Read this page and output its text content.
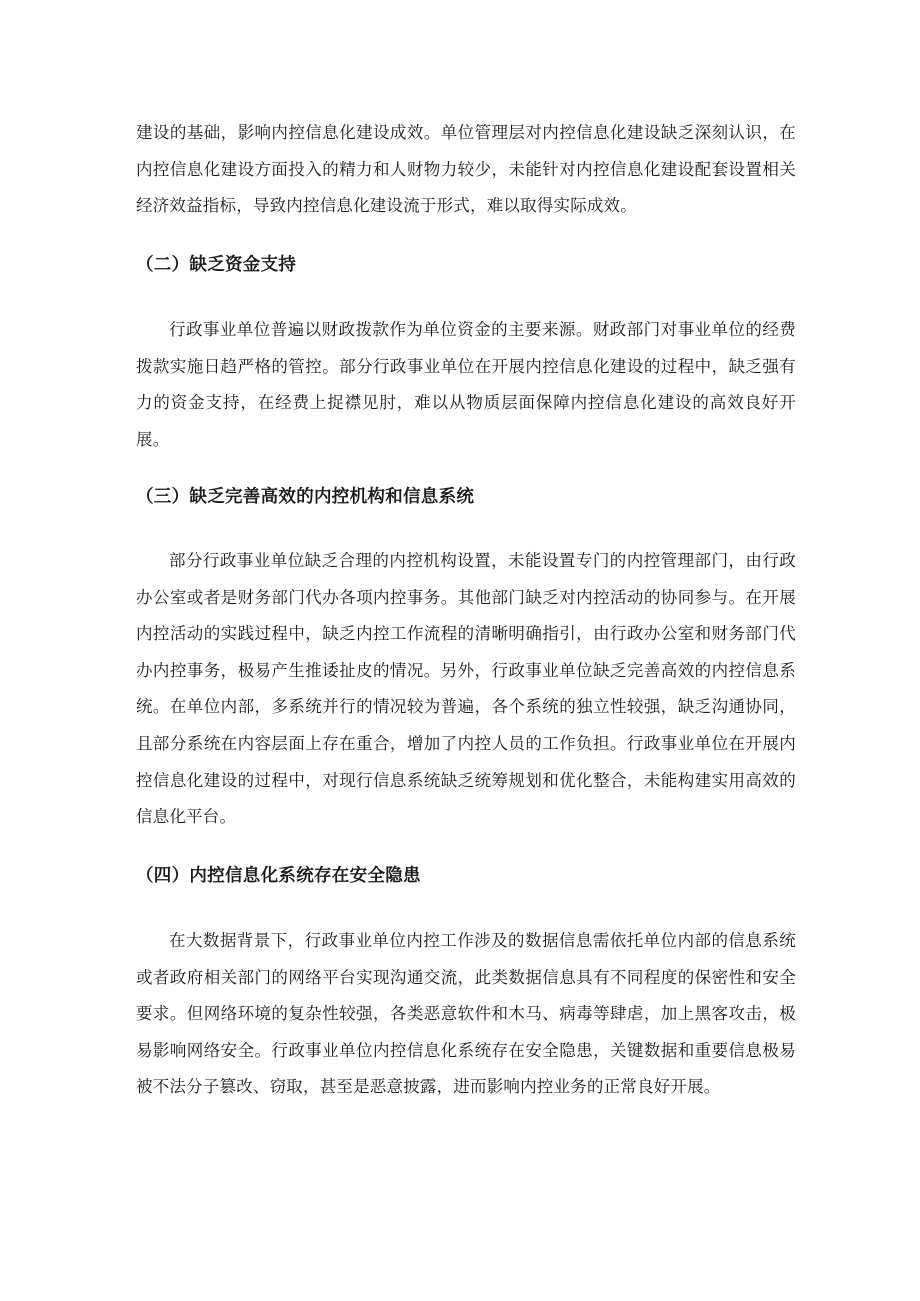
建设的基础，影响内控信息化建设成效。单位管理层对内控信息化建设缺乏深刻认识，在内控信息化建设方面投入的精力和人财物力较少，未能针对内控信息化建设配套设置相关经济效益指标，导致内控信息化建设流于形式，难以取得实际成效。

（二）缺乏资金支持

行政事业单位普遍以财政拨款作为单位资金的主要来源。财政部门对事业单位的经费拨款实施日趋严格的管控。部分行政事业单位在开展内控信息化建设的过程中，缺乏强有力的资金支持，在经费上捉襟见肘，难以从物质层面保障内控信息化建设的高效良好开展。

（三）缺乏完善高效的内控机构和信息系统

部分行政事业单位缺乏合理的内控机构设置，未能设置专门的内控管理部门，由行政办公室或者是财务部门代办各项内控事务。其他部门缺乏对内控活动的协同参与。在开展内控活动的实践过程中，缺乏内控工作流程的清晰明确指引，由行政办公室和财务部门代办内控事务，极易产生推诿扯皮的情况。另外，行政事业单位缺乏完善高效的内控信息系统。在单位内部，多系统并行的情况较为普遍，各个系统的独立性较强，缺乏沟通协同，且部分系统在内容层面上存在重合，增加了内控人员的工作负担。行政事业单位在开展内控信息化建设的过程中，对现行信息系统缺乏统筹规划和优化整合，未能构建实用高效的信息化平台。

（四）内控信息化系统存在安全隐患

在大数据背景下，行政事业单位内控工作涉及的数据信息需依托单位内部的信息系统或者政府相关部门的网络平台实现沟通交流，此类数据信息具有不同程度的保密性和安全要求。但网络环境的复杂性较强，各类恶意软件和木马、病毒等肆虐，加上黑客攻击，极易影响网络安全。行政事业单位内控信息化系统存在安全隐患，关键数据和重要信息极易被不法分子篡改、窃取，甚至是恶意披露，进而影响内控业务的正常良好开展。
